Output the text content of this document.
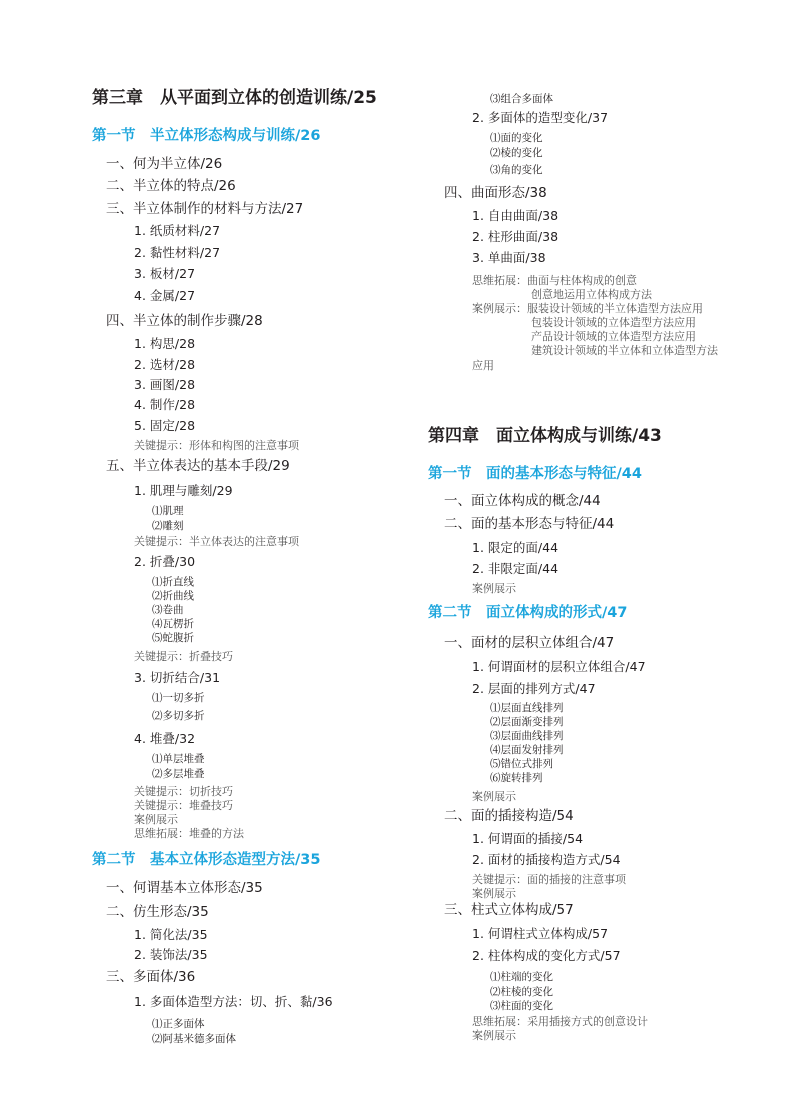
第三章　从平面到立体的创造训练/25
第一节　半立体形态构成与训练/26
一、何为半立体/26
二、半立体的特点/26
三、半立体制作的材料与方法/27
1. 纸质材料/27
2. 黏性材料/27
3. 板材/27
4. 金属/27
四、半立体的制作步骤/28
1. 构思/28
2. 选材/28
3. 画图/28
4. 制作/28
5. 固定/28
关键提示：形体和构图的注意事项
五、半立体表达的基本手段/29
1. 肌理与雕刻/29
⑴肌理
⑵雕刻
关键提示：半立体表达的注意事项
2. 折叠/30
⑴折直线
⑵折曲线
⑶卷曲
⑷瓦楞折
⑸蛇腹折
关键提示：折叠技巧
3. 切折结合/31
⑴一切多折
⑵多切多折
4. 堆叠/32
⑴单层堆叠
⑵多层堆叠
关键提示：切折技巧
关键提示：堆叠技巧
案例展示
思维拓展：堆叠的方法
第二节　基本立体形态造型方法/35
一、何谓基本立体形态/35
二、仿生形态/35
1. 简化法/35
2. 装饰法/35
三、多面体/36
1. 多面体造型方法：切、折、黏/36
⑴正多面体
⑵阿基米德多面体
⑶组合多面体
2. 多面体的造型变化/37
⑴面的变化
⑵棱的变化
⑶角的变化
四、曲面形态/38
1. 自由曲面/38
2. 柱形曲面/38
3. 单曲面/38
思维拓展：曲面与柱体构成的创意
创意地运用立体构成方法
案例展示：服装设计领域的半立体造型方法应用
包装设计领域的立体造型方法应用
产品设计领域的立体造型方法应用
建筑设计领域的半立体和立体造型方法
应用
第四章　面立体构成与训练/43
第一节　面的基本形态与特征/44
一、面立体构成的概念/44
二、面的基本形态与特征/44
1. 限定的面/44
2. 非限定面/44
案例展示
第二节　面立体构成的形式/47
一、面材的层积立体组合/47
1. 何谓面材的层积立体组合/47
2. 层面的排列方式/47
⑴层面直线排列
⑵层面渐变排列
⑶层面曲线排列
⑷层面发射排列
⑸错位式排列
⑹旋转排列
案例展示
二、面的插接构造/54
1. 何谓面的插接/54
2. 面材的插接构造方式/54
关键提示：面的插接的注意事项
案例展示
三、柱式立体构成/57
1. 何谓柱式立体构成/57
2. 柱体构成的变化方式/57
⑴柱端的变化
⑵柱棱的变化
⑶柱面的变化
思维拓展：采用插接方式的创意设计
案例展示
